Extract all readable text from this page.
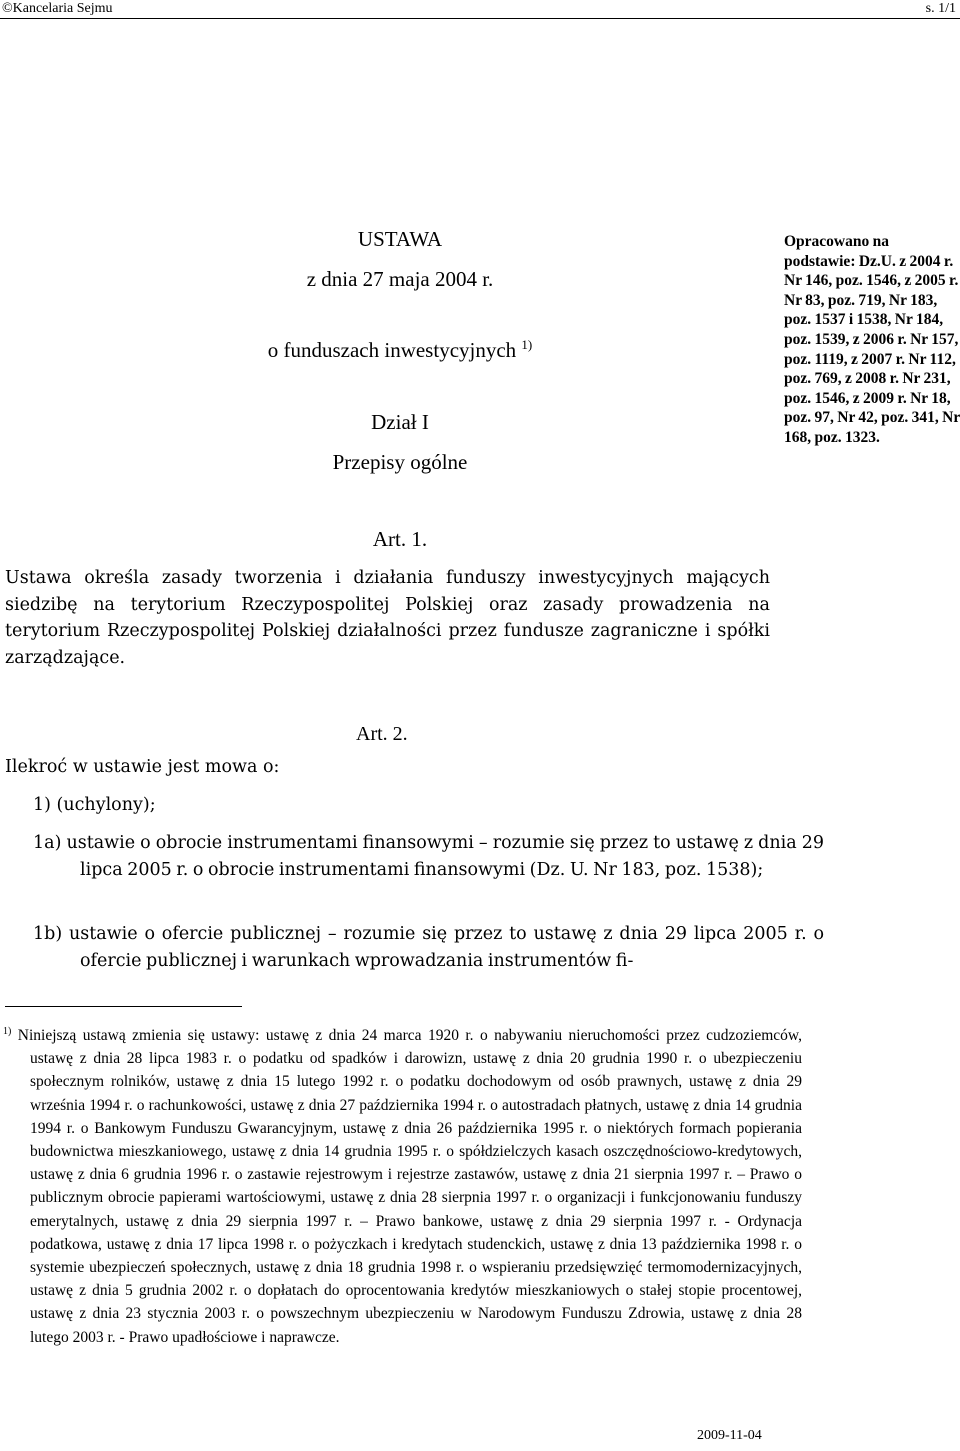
©Kancelaria Sejmu	s. 1/1
USTAWA
z dnia 27 maja 2004 r.
o funduszach inwestycyjnych $^{1)}$
Dział I
Przepisy ogólne
Art. 1.
Opracowano na podstawie: Dz.U. z 2004 r. Nr 146, poz. 1546, z 2005 r. Nr 83, poz. 719, Nr 183, poz. 1537 i 1538, Nr 184, poz. 1539, z 2006 r. Nr 157, poz. 1119, z 2007 r. Nr 112, poz. 769, z 2008 r. Nr 231, poz. 1546, z 2009 r. Nr 18, poz. 97, Nr 42, poz. 341, Nr 168, poz. 1323.
Ustawa określa zasady tworzenia i działania funduszy inwestycyjnych mających siedzibę na terytorium Rzeczypospolitej Polskiej oraz zasady prowadzenia na terytorium Rzeczypospolitej Polskiej działalności przez fundusze zagraniczne i spółki zarządzające.
Art. 2.
Ilekroć w ustawie jest mowa o:
1) (uchylony);
1a) ustawie o obrocie instrumentami finansowymi – rozumie się przez to ustawę z dnia 29 lipca 2005 r. o obrocie instrumentami finansowymi (Dz. U. Nr 183, poz. 1538);
1b) ustawie o ofercie publicznej – rozumie się przez to ustawę z dnia 29 lipca 2005 r. o ofercie publicznej i warunkach wprowadzania instrumentów fi-
$^{1)}$ Niniejszą ustawą zmienia się ustawy: ustawę z dnia 24 marca 1920 r. o nabywaniu nieruchomości przez cudzoziemców, ustawę z dnia 28 lipca 1983 r. o podatku od spadków i darowizn, ustawę z dnia 20 grudnia 1990 r. o ubezpieczeniu społecznym rolników, ustawę z dnia 15 lutego 1992 r. o podatku dochodowym od osób prawnych, ustawę z dnia 29 września 1994 r. o rachunkowości, ustawę z dnia 27 października 1994 r. o autostradach płatnych, ustawę z dnia 14 grudnia 1994 r. o Bankowym Funduszu Gwarancyjnym, ustawę z dnia 26 października 1995 r. o niektórych formach popierania budownictwa mieszkaniowego, ustawę z dnia 14 grudnia 1995 r. o spółdzielczych kasach oszczędnościowo-kredytowych, ustawę z dnia 6 grudnia 1996 r. o zastawie rejestrowym i rejestrze zastawów, ustawę z dnia 21 sierpnia 1997 r. – Prawo o publicznym obrocie papierami wartościowymi, ustawę z dnia 28 sierpnia 1997 r. o organizacji i funkcjonowaniu funduszy emerytalnych, ustawę z dnia 29 sierpnia 1997 r. – Prawo bankowe, ustawę z dnia 29 sierpnia 1997 r. - Ordynacja podatkowa, ustawę z dnia 17 lipca 1998 r. o pożyczkach i kredytach studenckich, ustawę z dnia 13 października 1998 r. o systemie ubezpieczeń społecznych, ustawę z dnia 18 grudnia 1998 r. o wspieraniu przedsięwzięć termomodernizacyjnych, ustawę z dnia 5 grudnia 2002 r. o dopłatach do oprocentowania kredytów mieszkaniowych o stałej stopie procentowej, ustawę z dnia 23 stycznia 2003 r. o powszechnym ubezpieczeniu w Narodowym Funduszu Zdrowia, ustawę z dnia 28 lutego 2003 r. - Prawo upadłościowe i naprawcze.
2009-11-04
